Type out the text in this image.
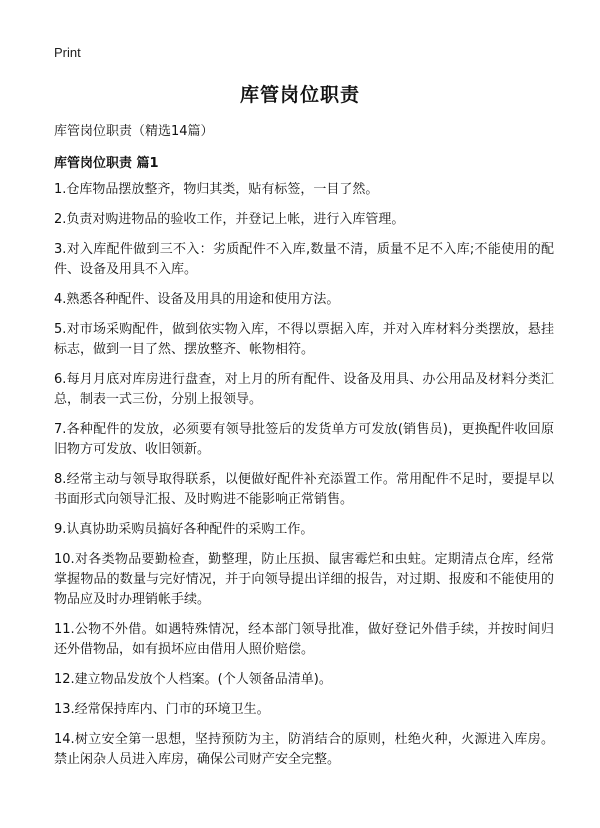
Print
库管岗位职责

库管岗位职责（精选14篇）

库管岗位职责 篇1
1.仓库物品摆放整齐，物归其类，贴有标签，一目了然。
2.负责对购进物品的验收工作，并登记上帐，进行入库管理。
3.对入库配件做到三不入：劣质配件不入库,数量不清，质量不足不入库;不能使用的配件、设备及用具不入库。
4.熟悉各种配件、设备及用具的用途和使用方法。
5.对市场采购配件，做到依实物入库，不得以票据入库，并对入库材料分类摆放，悬挂标志，做到一目了然、摆放整齐、帐物相符。
6.每月月底对库房进行盘查，对上月的所有配件、设备及用具、办公用品及材料分类汇总，制表一式三份，分别上报领导。
7.各种配件的发放，必须要有领导批签后的发货单方可发放(销售员)，更换配件收回原旧物方可发放、收旧领新。
8.经常主动与领导取得联系，以便做好配件补充添置工作。常用配件不足时，要提早以书面形式向领导汇报、及时购进不能影响正常销售。
9.认真协助采购员搞好各种配件的采购工作。
10.对各类物品要勤检查，勤整理，防止压损、鼠害霉烂和虫蛀。定期清点仓库，经常掌握物品的数量与完好情况，并于向领导提出详细的报告，对过期、报废和不能使用的物品应及时办理销帐手续。
11.公物不外借。如遇特殊情况，经本部门领导批准，做好登记外借手续，并按时间归还外借物品，如有损坏应由借用人照价赔偿。
12.建立物品发放个人档案。(个人领备品清单)。
13.经常保持库内、门市的环境卫生。
14.树立安全第一思想，坚持预防为主，防消结合的原则，杜绝火种，火源进入库房。禁止闲杂人员进入库房，确保公司财产安全完整。
